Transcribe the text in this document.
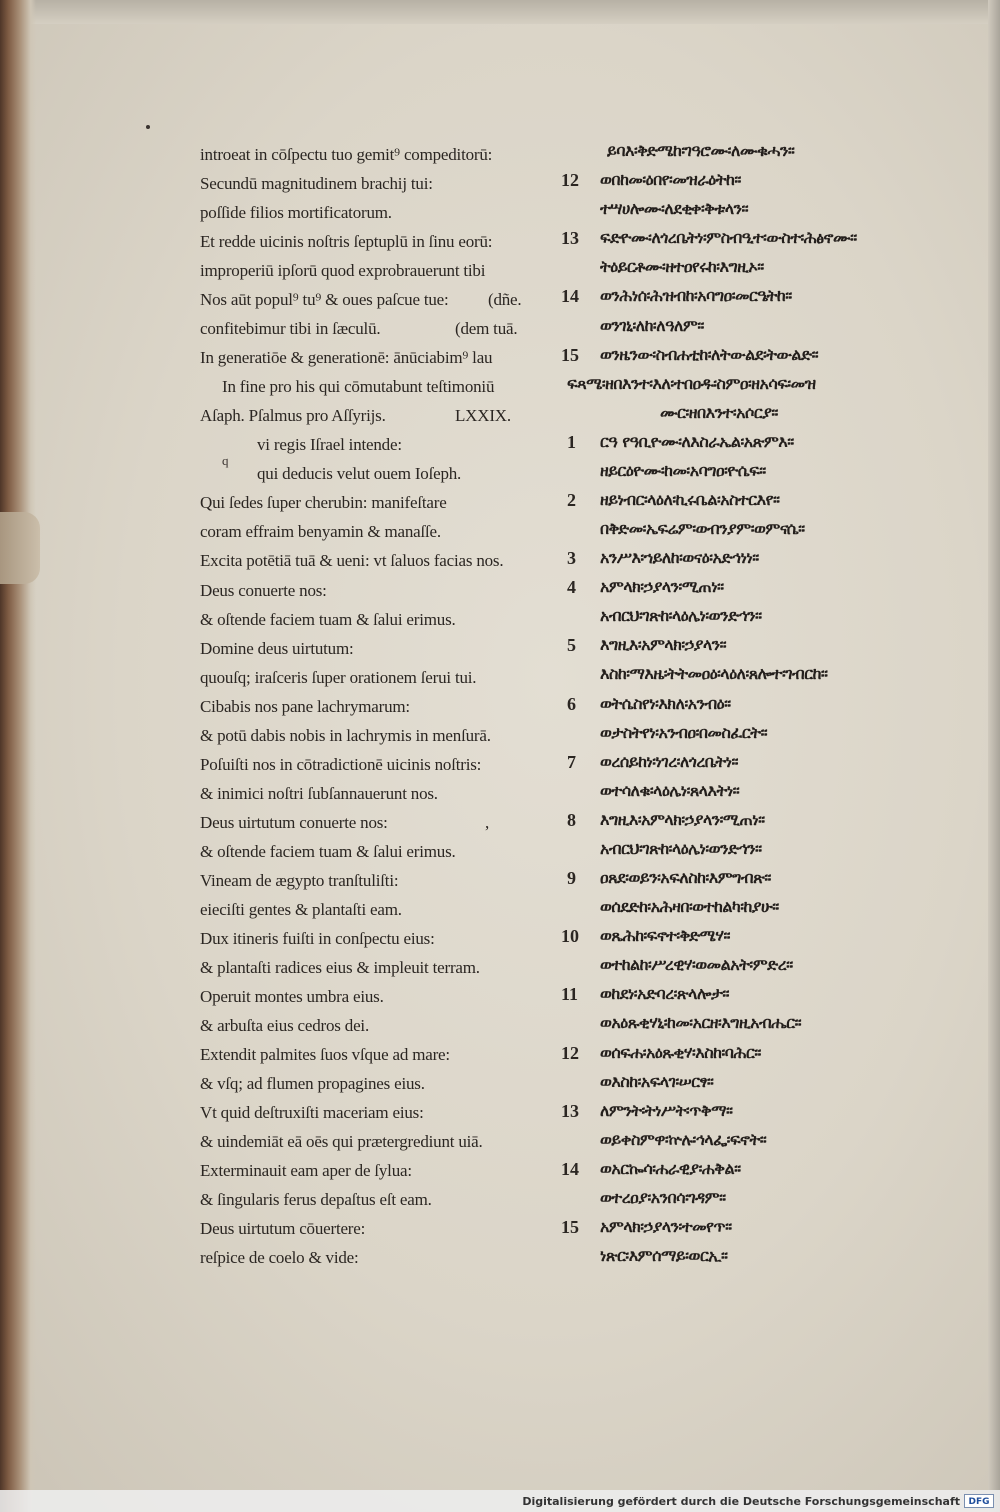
introeat in cōſpectu tuo gemit⁹ compeditorū:
Secundū magnitudinem brachij tui:
poſſide filios mortificatorum.
Et redde uicinis noſtris ſeptuplū in ſinu eorū:
improperiū ipſorū quod exprobrauerunt tibi
Nos aūt popul⁹ tu⁹ & oues paſcue tue:
confitebimur tibi in ſæculū.
In generatiōe & generationē: ānūciabim⁹ lau
In fine pro his qui cōmutabunt teſtimoniū
Aſaph. Pſalmus pro Aſſyrijs.
vi regis Iſrael intende:
qui deducis velut ouem Ioſeph.
Qui ſedes ſuper cherubin: manifeſtare
coram effraim benyamin & manaſſe.
Excita potētiā tuā & ueni: vt ſaluos facias nos.
Deus conuerte nos:
& oſtende faciem tuam & ſalui erimus.
Domine deus uirtutum:
quouſq; iraſceris ſuper orationem ſerui tui.
Cibabis nos pane lachrymarum:
& potū dabis nobis in lachrymis in menſurā.
Poſuiſti nos in cōtradictionē uicinis noſtris:
& inimici noſtri ſubſannauerunt nos.
Deus uirtutum conuerte nos:
& oſtende faciem tuam & ſalui erimus.
Vineam de ægypto tranſtuliſti:
eieciſti gentes & plantaſti eam.
Dux itineris fuiſti in conſpectu eius:
& plantaſti radices eius & impleuit terram.
Operuit montes umbra eius.
& arbuſta eius cedros dei.
Extendit palmites ſuos vſque ad mare:
& vſq; ad flumen propagines eius.
Vt quid deſtruxiſti maceriam eius:
& uindemiāt eā oēs qui prætergrediunt uiā.
Exterminauit eam aper de ſylua:
& ſingularis ferus depaſtus eſt eam.
Deus uirtutum cōuertere:
reſpice de coelo & vide:
(dñe.
(dem tuā.
LXXIX.
q
,
ይባእ፡ቅድሜከ፡ገዓሮሙ፡ለሙቁሓን፡፡
12	ወበከመ፡ዕበየ፡መዝራዕትከ፡፡
ተሣሀሎሙ፡ለደቂቀ፡ቅቱላን፡፡
13	ፍድዮሙ፡ለጎረቤትነ፡ምስብዒተ፡ውስተ፡ሕፅኖሙ፡፡
ትዕይርቶሙ፡ዘተዐየሩከ፡እግዚኦ፡፡
14	ወንሕነሰ፡ሕዝብከ፡አባግዐ፡መርዔትከ፡፡
ወንገኒ፡ለከ፡ለዓለም፡፡
15	ወንዜንው፡ስብሐቲከ፡ለትውልደ፡ትውልድ፡፡
ፍጻሜ፡ዘበእንተ፡እለ፡ተበዐዱ፡ስምዐ፡ዘአሳፍ፡መዝ
ሙር፡ዘበእንተ፡አሶርያ፡፡
1	ርዓ የዓቢዮሙ፡ለእስራኤል፡አጽምእ፡፡
ዘይርዕዮሙ፡ከመ፡አባግዐ፡ዮሴፍ፡፡
2	ዘይነብር፡ላዕለ፡ኪሩቤል፡አስተርእየ፡፡
በቅድመ፡ኤፍሬም፡ወብንያም፡ወምናሴ፡፡
3	አንሥእ፡ኀይለከ፡ወናዕ፡አድኅነነ፡፡
4	አምላክ፡ኃያላን፡ሚጠነ፡፡
አብርህ፡ገጽከ፡ላዕሌነ፡ወንድኅን፡፡
5	እግዚእ፡አምላክ፡ኃያላን፡፡
እስከ፡ማእዜ፡ትትመዐዕ፡ላዕለ፡ጸሎተ፡ገብርከ፡፡
6	ወትሴስየነ፡እክለ፡አንብዕ፡፡
ወታስትየነ፡አንብዐ፡በመስፈርት፡፡
7	ወረሰይከነ፡ነገረ፡ለጎረቤትነ፡፡
ወተሳለቁ፡ላዕሌነ፡ጸላእትነ፡፡
8	እግዚእ፡አምላክ፡ኃያላን፡ሚጠነ፡፡
አብርህ፡ገጽከ፡ላዕሌነ፡ወንድኅን፡፡
9	ዐጸደ፡ወይን፡አፍለስከ፡እምግብጽ፡፡
ወሰደድከ፡አሕዛበ፡ወተከልካ፡ከያሁ፡፡
10	ወጼሕከ፡ፍኖተ፡ቅድሜሃ፡፡
ወተከልከ፡ሥረዊሃ፡ወመልአት፡ምድረ፡፡
11	ወከደነ፡አድባረ፡ጽላሎታ፡፡
ወአዕጹቂሃኒ፡ከመ፡አርዘ፡እግዚአብሔር፡፡
12	ወሰፍሐ፡አዕጹቂሃ፡እስከ፡ባሕር፡፡
ወእስከ፡አፍላገ፡ሠርፃ፡፡
13	ለምንት፡ትነሥት፡ጥቅማ፡፡
ወይቀስምዋ፡ኵሉ፡ኅላፌ፡ፍኖት፡፡
14	ወአርኰሳ፡ሐራዊያ፡ሐቅል፡፡
ወተረዐያ፡አንበሳ፡ገዳም፡፡
15	አምላክ፡ኃያላን፡ተመየጥ፡፡
ነጽር፡እምሰማይ፡ወርኢ፡፡
Digitalisierung gefördert durch die Deutsche Forschungsgemeinschaft DFG
